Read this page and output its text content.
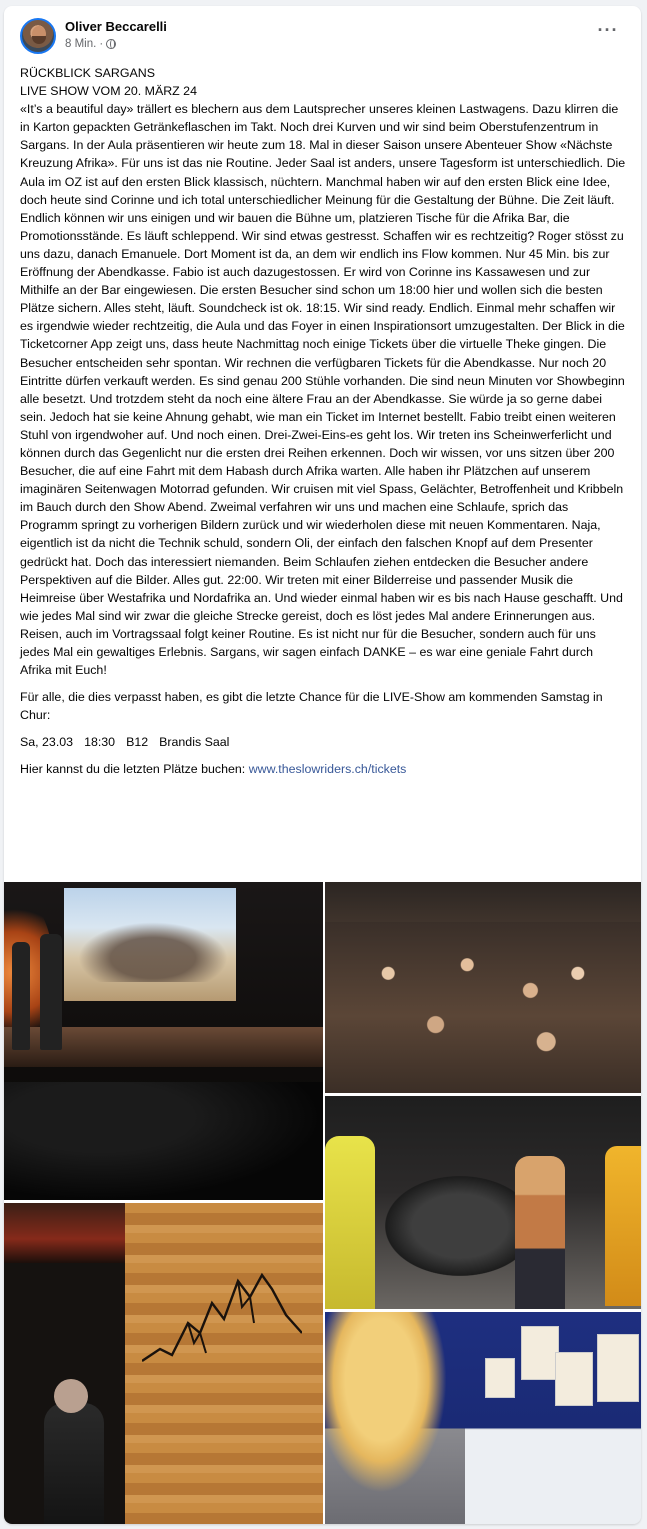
Oliver Beccarelli
8 Min. ·
···

RÜCKBLICK SARGANS

LIVE SHOW VOM 20. MÄRZ 24

«It’s a beautiful day» trällert es blechern aus dem Lautsprecher unseres kleinen Lastwagens. Dazu klirren die in Karton gepackten Getränkeflaschen im Takt. Noch drei Kurven und wir sind beim Oberstufenzentrum in Sargans. In der Aula präsentieren wir heute zum 18. Mal in dieser Saison unsere Abenteuer Show «Nächste Kreuzung Afrika». Für uns ist das nie Routine. Jeder Saal ist anders, unsere Tagesform ist unterschiedlich. Die Aula im OZ ist auf den ersten Blick klassisch, nüchtern. Manchmal haben wir auf den ersten Blick eine Idee, doch heute sind Corinne und ich total unterschiedlicher Meinung für die Gestaltung der Bühne. Die Zeit läuft. Endlich können wir uns einigen und wir bauen die Bühne um, platzieren Tische für die Afrika Bar, die Promotionsstände. Es läuft schleppend. Wir sind etwas gestresst. Schaffen wir es rechtzeitig? Roger stösst zu uns dazu, danach Emanuele. Dort Moment ist da, an dem wir endlich ins Flow kommen. Nur 45 Min. bis zur Eröffnung der Abendkasse. Fabio ist auch dazugestossen. Er wird von Corinne ins Kassawesen und zur Mithilfe an der Bar eingewiesen. Die ersten Besucher sind schon um 18:00 hier und wollen sich die besten Plätze sichern. Alles steht, läuft. Soundcheck ist ok. 18:15. Wir sind ready. Endlich. Einmal mehr schaffen wir es irgendwie wieder rechtzeitig, die Aula und das Foyer in einen Inspirationsort umzugestalten. Der Blick in die Ticketcorner App zeigt uns, dass heute Nachmittag noch einige Tickets über die virtuelle Theke gingen. Die Besucher entscheiden sehr spontan. Wir rechnen die verfügbaren Tickets für die Abendkasse. Nur noch 20 Eintritte dürfen verkauft werden. Es sind genau 200 Stühle vorhanden. Die sind neun Minuten vor Showbeginn alle besetzt. Und trotzdem steht da noch eine ältere Frau an der Abendkasse. Sie würde ja so gerne dabei sein. Jedoch hat sie keine Ahnung gehabt, wie man ein Ticket im Internet bestellt. Fabio treibt einen weiteren Stuhl von irgendwoher auf. Und noch einen. Drei-Zwei-Eins-es geht los. Wir treten ins Scheinwerferlicht und können durch das Gegenlicht nur die ersten drei Reihen erkennen. Doch wir wissen, vor uns sitzen über 200 Besucher, die auf eine Fahrt mit dem Habash durch Afrika warten. Alle haben ihr Plätzchen auf unserem imaginären Seitenwagen Motorrad gefunden. Wir cruisen mit viel Spass, Gelächter, Betroffenheit und Kribbeln im Bauch durch den Show Abend. Zweimal verfahren wir uns und machen eine Schlaufe, sprich das Programm springt zu vorherigen Bildern zurück und wir wiederholen diese mit neuen Kommentaren. Naja, eigentlich ist da nicht die Technik schuld, sondern Oli, der einfach den falschen Knopf auf dem Presenter gedrückt hat. Doch das interessiert niemanden. Beim Schlaufen ziehen entdecken die Besucher andere Perspektiven auf die Bilder. Alles gut. 22:00. Wir treten mit einer Bilderreise und passender Musik die Heimreise über Westafrika und Nordafrika an. Und wieder einmal haben wir es bis nach Hause geschafft. Und wie jedes Mal sind wir zwar die gleiche Strecke gereist, doch es löst jedes Mal andere Erinnerungen aus. Reisen, auch im Vortragssaal folgt keiner Routine. Es ist nicht nur für die Besucher, sondern auch für uns jedes Mal ein gewaltiges Erlebnis. Sargans, wir sagen einfach DANKE – es war eine geniale Fahrt durch Afrika mit Euch!

Für alle, die dies verpasst haben, es gibt die letzte Chance für die LIVE-Show am kommenden Samstag in Chur:

Sa, 23.03 18:30 B12 Brandis Saal

Hier kannst du die letzten Plätze buchen: www.theslowriders.ch/tickets
